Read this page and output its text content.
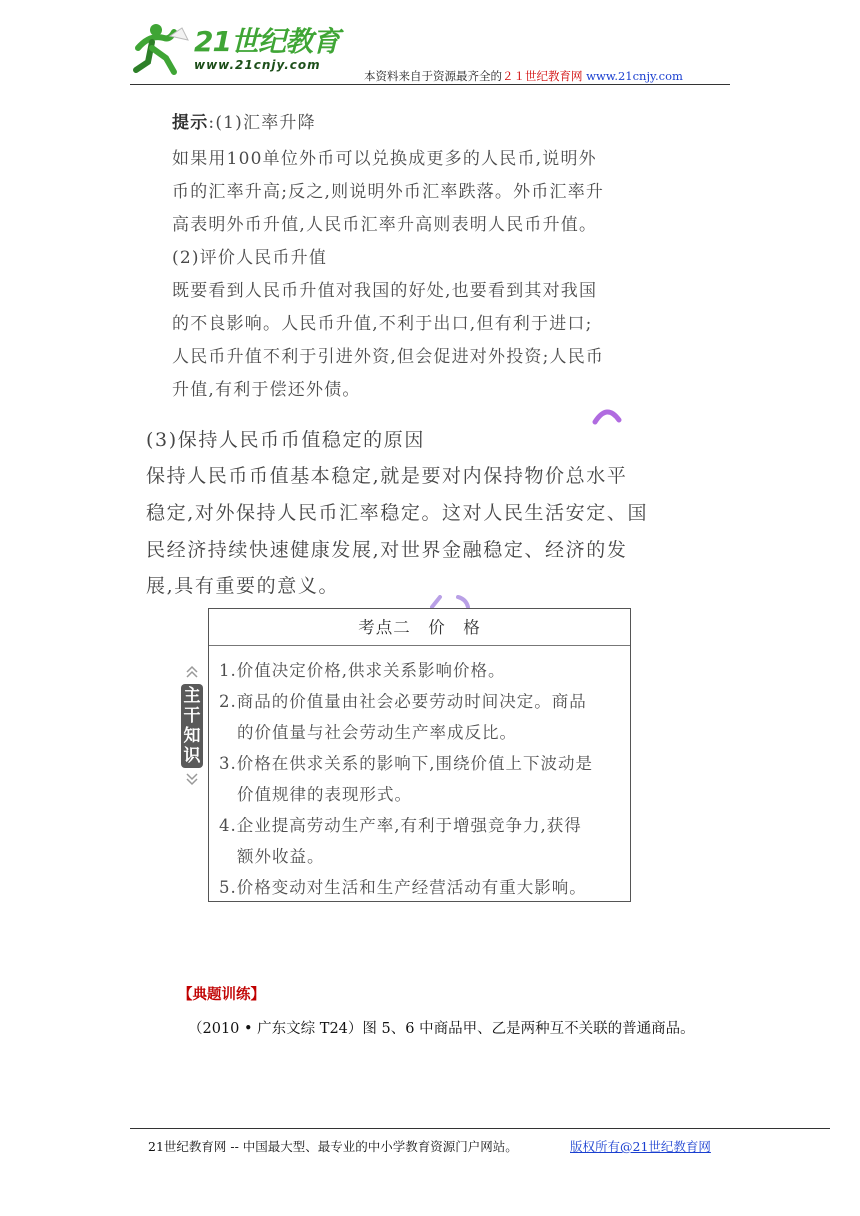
21世纪教育
www.21cnjy.com
本资料来自于资源最齐全的２１世纪教育网 www.21cnjy.com
提示:(1)汇率升降
如果用100单位外币可以兑换成更多的人民币,说明外
币的汇率升高;反之,则说明外币汇率跌落。外币汇率升
高表明外币升值,人民币汇率升高则表明人民币升值。
(2)评价人民币升值
既要看到人民币升值对我国的好处,也要看到其对我国
的不良影响。人民币升值,不利于出口,但有利于进口;
人民币升值不利于引进外资,但会促进对外投资;人民币
升值,有利于偿还外债。
(3)保持人民币币值稳定的原因
保持人民币币值基本稳定,就是要对内保持物价总水平
稳定,对外保持人民币汇率稳定。这对人民生活安定、国
民经济持续快速健康发展,对世界金融稳定、经济的发
展,具有重要的意义。
主
干
知
识
考点二　价　格
1.价值决定价格,供求关系影响价格。
2.商品的价值量由社会必要劳动时间决定。商品
的价值量与社会劳动生产率成反比。
3.价格在供求关系的影响下,围绕价值上下波动是
价值规律的表现形式。
4.企业提高劳动生产率,有利于增强竞争力,获得
额外收益。
5.价格变动对生活和生产经营活动有重大影响。
【典题训练】
（2010 • 广东文综 T24）图 5、6 中商品甲、乙是两种互不关联的普通商品。
21世纪教育网 -- 中国最大型、最专业的中小学教育资源门户网站。	版权所有@21世纪教育网
